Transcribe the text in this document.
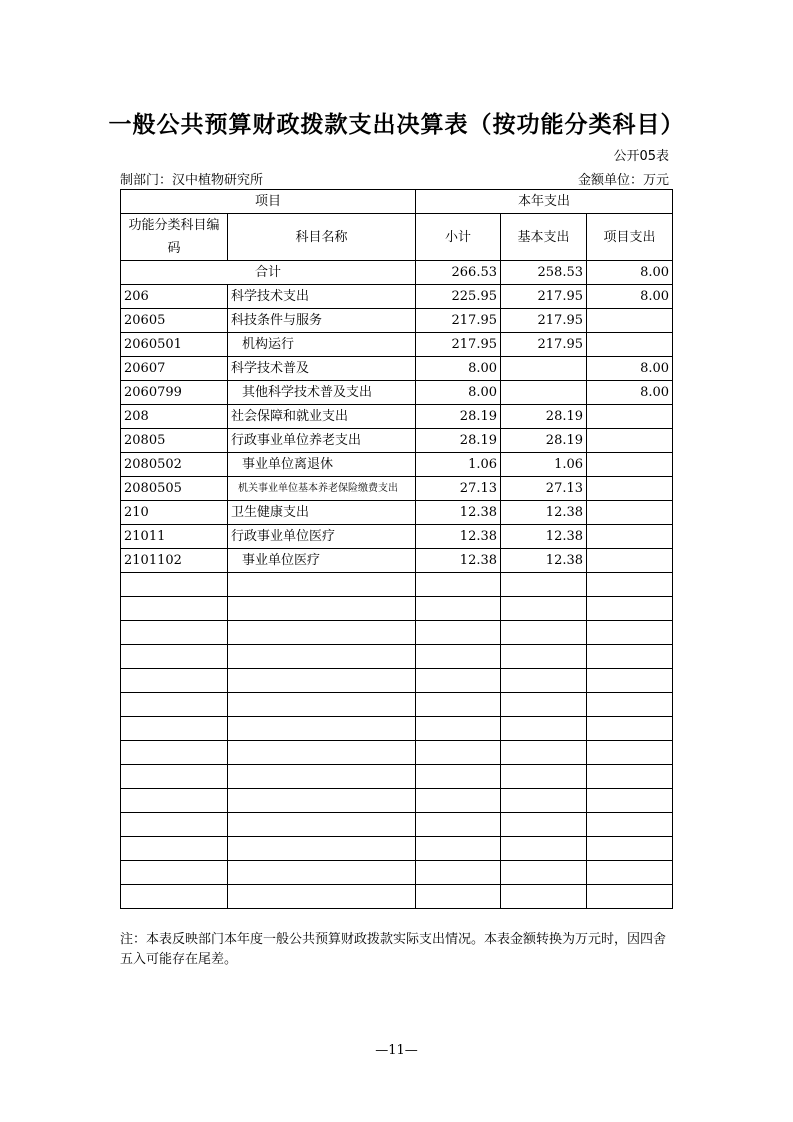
一般公共预算财政拨款支出决算表（按功能分类科目）
公开05表
制部门：汉中植物研究所	金额单位：万元
项目		本年支出		
功能分类科目编码	科目名称	小计	基本支出	项目支出
合计		266.53	258.53	8.00
206	科学技术支出	225.95	217.95	8.00
20605	科技条件与服务	217.95	217.95	
2060501	机构运行	217.95	217.95	
20607	科学技术普及	8.00		8.00
2060799	其他科学技术普及支出	8.00		8.00
208	社会保障和就业支出	28.19	28.19	
20805	行政事业单位养老支出	28.19	28.19	
2080502	事业单位离退休	1.06	1.06	
2080505	机关事业单位基本养老保险缴费支出	27.13	27.13	
210	卫生健康支出	12.38	12.38	
21011	行政事业单位医疗	12.38	12.38	
2101102	事业单位医疗	12.38	12.38	

注：本表反映部门本年度一般公共预算财政拨款实际支出情况。本表金额转换为万元时，因四舍五入可能存在尾差。
—11—
